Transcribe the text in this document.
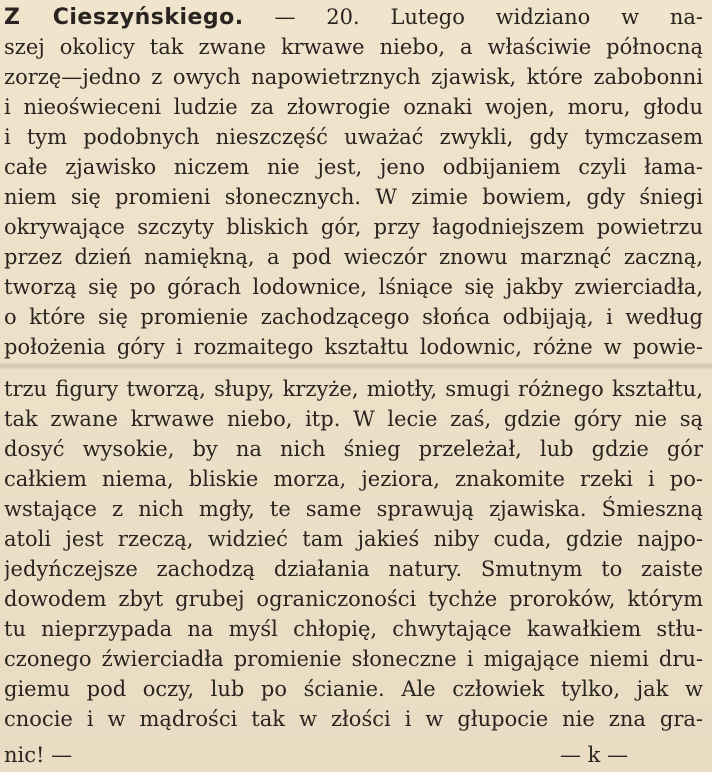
Z Cieszyńskiego. — 20. Lutego widziano w na-
szej okolicy tak zwane krwawe niebo, a właściwie północną
zorzę—jedno z owych napowietrznych zjawisk, które zabobonni
i nieoświeceni ludzie za złowrogie oznaki wojen, moru, głodu
i tym podobnych nieszczęść uważać zwykli, gdy tymczasem
całe zjawisko niczem nie jest, jeno odbijaniem czyli łama-
niem się promieni słonecznych. W zimie bowiem, gdy śniegi
okrywające szczyty bliskich gór, przy łagodniejszem powietrzu
przez dzień namiękną, a pod wieczór znowu marznąć zaczną,
tworzą się po górach lodownice, lśniące się jakby zwierciadła,
o które się promienie zachodzącego słońca odbijają, i według
położenia góry i rozmaitego kształtu lodownic, różne w powie-
trzu figury tworzą, słupy, krzyże, miotły, smugi różnego kształtu,
tak zwane krwawe niebo, itp. W lecie zaś, gdzie góry nie są
dosyć wysokie, by na nich śnieg przeleżał, lub gdzie gór
całkiem niema, bliskie morza, jeziora, znakomite rzeki i po-
wstające z nich mgły, te same sprawują zjawiska. Śmieszną
atoli jest rzeczą, widzieć tam jakieś niby cuda, gdzie najpo-
jedyńczejsze zachodzą działania natury. Smutnym to zaiste
dowodem zbyt grubej ograniczoności tychże proroków, którym
tu nieprzypada na myśl chłopię, chwytające kawałkiem stłu-
czonego źwierciadła promienie słoneczne i migające niemi dru-
giemu pod oczy, lub po ścianie. Ale człowiek tylko, jak w
cnocie i w mądrości tak w złości i w głupocie nie zna gra-
nic! —	— k —
